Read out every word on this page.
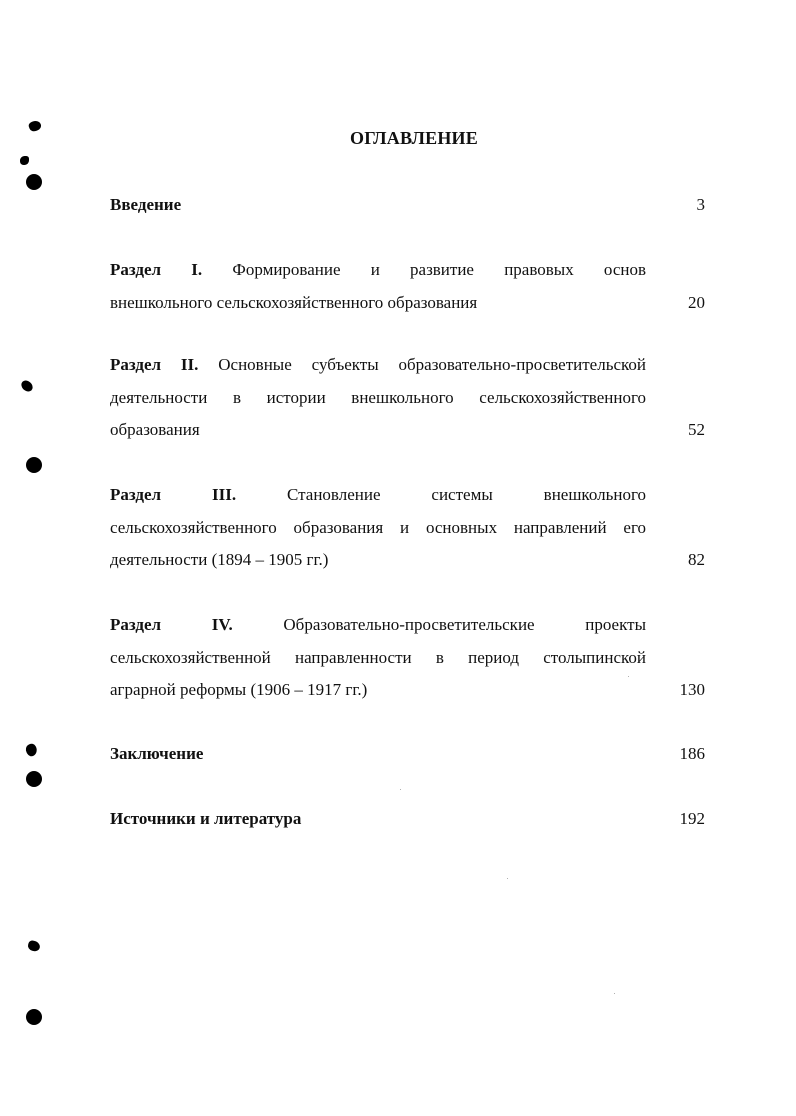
ОГЛАВЛЕНИЕ
Введение	3
Раздел I. Формирование и развитие правовых основ
внешкольного сельскохозяйственного образования	20
Раздел II. Основные субъекты образовательно-просветительской
деятельности в истории внешкольного сельскохозяйственного
образования	52
Раздел III.	Становление системы внешкольного
сельскохозяйственного образования и основных направлений его
деятельности (1894 – 1905 гг.)	82
Раздел IV.	Образовательно-просветительские проекты
сельскохозяйственной направленности в период столыпинской
аграрной реформы (1906 – 1917 гг.)	130
Заключение	186
Источники и литература	192
